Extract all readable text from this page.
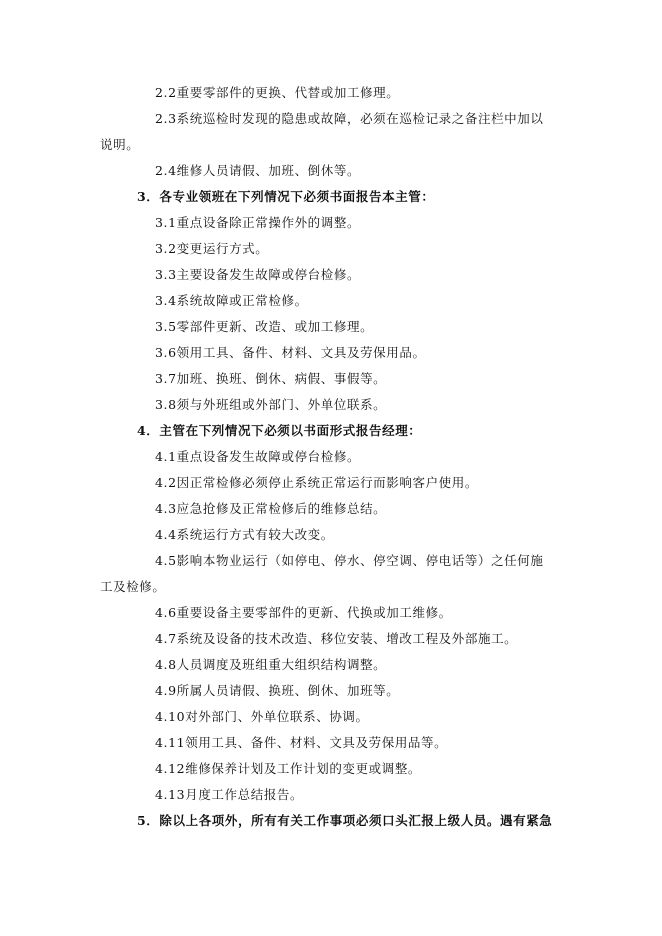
2.2重要零部件的更换、代替或加工修理。
2.3系统巡检时发现的隐患或故障，必须在巡检记录之备注栏中加以
说明。
2.4维修人员请假、加班、倒休等。
3．各专业领班在下列情况下必须书面报告本主管：
3.1重点设备除正常操作外的调整。
3.2变更运行方式。
3.3主要设备发生故障或停台检修。
3.4系统故障或正常检修。
3.5零部件更新、改造、或加工修理。
3.6领用工具、备件、材料、文具及劳保用品。
3.7加班、换班、倒休、病假、事假等。
3.8须与外班组或外部门、外单位联系。
4．主管在下列情况下必须以书面形式报告经理：
4.1重点设备发生故障或停台检修。
4.2因正常检修必须停止系统正常运行而影响客户使用。
4.3应急抢修及正常检修后的维修总结。
4.4系统运行方式有较大改变。
4.5影响本物业运行（如停电、停水、停空调、停电话等）之任何施
工及检修。
4.6重要设备主要零部件的更新、代换或加工维修。
4.7系统及设备的技术改造、移位安装、增改工程及外部施工。
4.8人员调度及班组重大组织结构调整。
4.9所属人员请假、换班、倒休、加班等。
4.10对外部门、外单位联系、协调。
4.11领用工具、备件、材料、文具及劳保用品等。
4.12维修保养计划及工作计划的变更或调整。
4.13月度工作总结报告。
5．除以上各项外，所有有关工作事项必须口头汇报上级人员。遇有紧急
